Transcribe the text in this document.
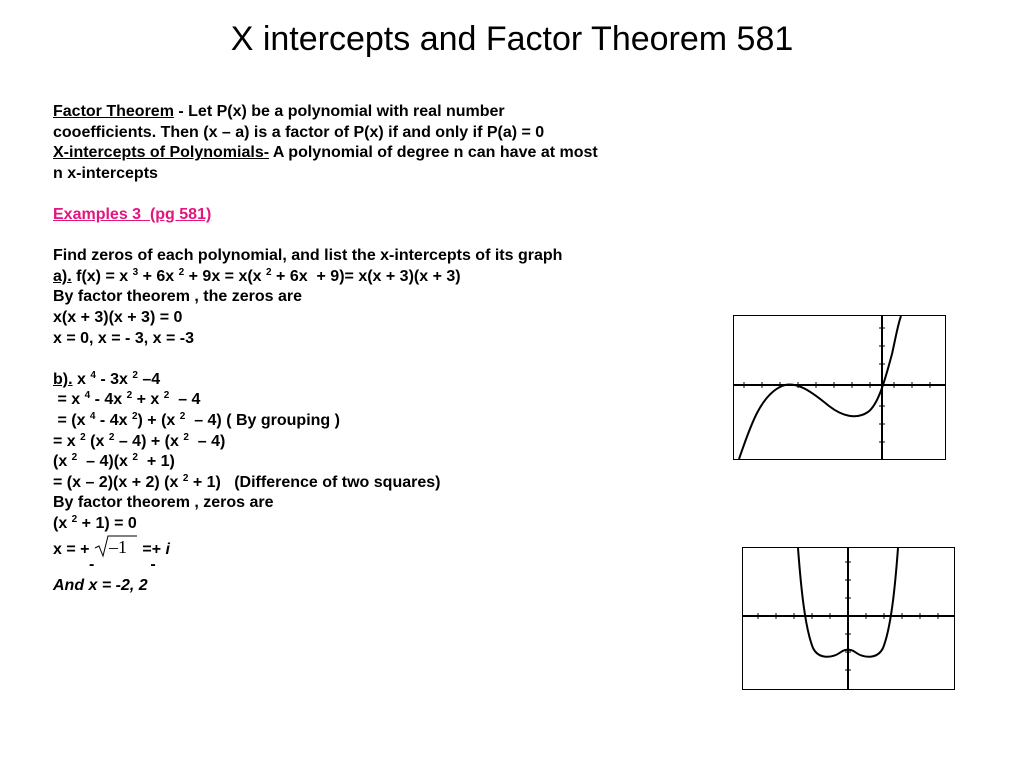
X intercepts and Factor Theorem 581
Factor Theorem - Let P(x) be a polynomial with real number
cooefficients. Then (x – a) is a factor of P(x) if and only if P(a) = 0
X-intercepts of Polynomials- A polynomial of degree n can have at most
n x-intercepts
Examples 3  (pg 581)
Find zeros of each polynomial, and list the x-intercepts of its graph
a). f(x) = x $^3$ + 6x $^2$ + 9x = x(x $^2$ + 6x  + 9)= x(x + 3)(x + 3)
By factor theorem , the zeros are
x(x + 3)(x + 3) = 0
x = 0, x = - 3, x = -3
b). x $^4$ - 3x $^2$ –4
= x $^4$ - 4x $^2$ + x $^2$  – 4
= (x $^4$ - 4x $^2$) + (x $^2$  – 4) ( By grouping )
= x $^2$ (x $^2$ – 4) + (x $^2$  – 4)
(x $^2$  – 4)(x $^2$  + 1)
= (x – 2)(x + 2) (x $^2$ + 1)   (Difference of two squares)
By factor theorem , zeros are
(x $^2$ + 1) = 0
x = + –1 =+ i
-	-
And x = -2, 2
